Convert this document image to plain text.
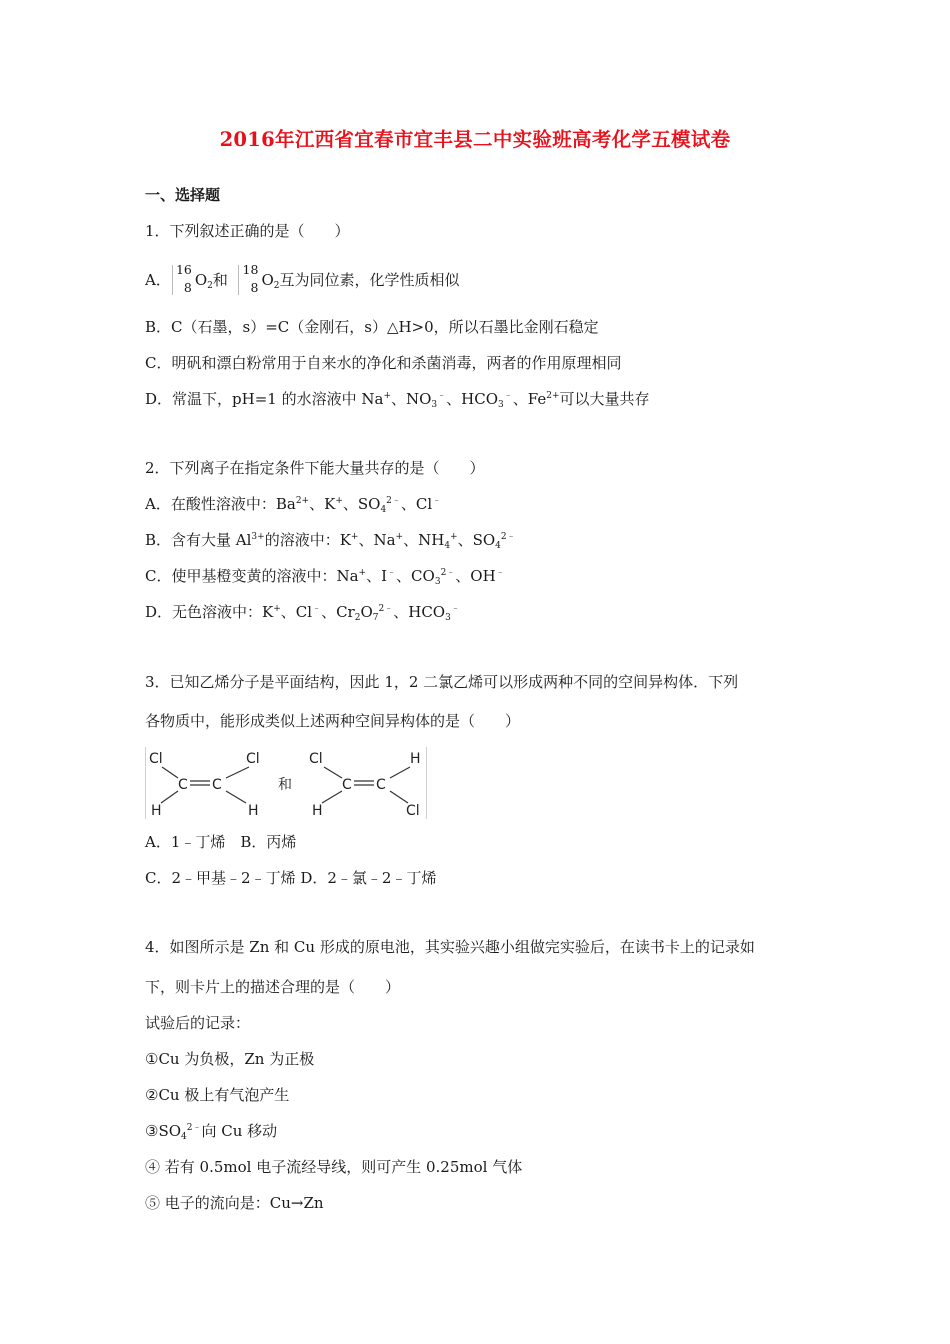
2016年江西省宜春市宜丰县二中实验班高考化学五模试卷
一、选择题
1．下列叙述正确的是（　　）
A．
16
8 $O_2$和
18
8 $O_2$互为同位素，化学性质相似
B．C（石墨，s）=C（金刚石，s）△H>0，所以石墨比金刚石稳定
C．明矾和漂白粉常用于自来水的净化和杀菌消毒，两者的作用原理相同
D．常温下，pH=1 的水溶液中 Na+、$NO_3^﹣$、$HCO_3^﹣$、$Fe^{2+}$可以大量共存
2．下列离子在指定条件下能大量共存的是（　　）
A．在酸性溶液中：$Ba^{2+}$、K+、$SO_4^{2﹣}$、Cl﹣
B．含有大量 $Al^{3+}$的溶液中：K+、Na+、$NH_4^+$、$SO_4^{2﹣}$
C．使甲基橙变黄的溶液中：Na+、I﹣、$CO_3^{2﹣}$、OH﹣
D．无色溶液中：K+、Cl﹣、$Cr_2O_7^{2﹣}$、$HCO_3^﹣$
3．已知乙烯分子是平面结构，因此 1，2 二氯乙烯可以形成两种不同的空间异构体．下列
各物质中，能形成类似上述两种空间异构体的是（　　）
Cl	Cl
C C
H	H
和
Cl	H
C C
H	Cl
A．1﹣丁烯　B．丙烯
C．2﹣甲基﹣2﹣丁烯 D．2﹣氯﹣2﹣丁烯
4．如图所示是 Zn 和 Cu 形成的原电池，其实验兴趣小组做完实验后，在读书卡上的记录如
下，则卡片上的描述合理的是（　　）
试验后的记录：
①Cu 为负极，Zn 为正极
②Cu 极上有气泡产生
$③SO_4^{2﹣}$向 Cu 移动
④ 若有 0.5mol 电子流经导线，则可产生 0.25mol 气体
⑤ 电子的流向是：Cu→Zn
